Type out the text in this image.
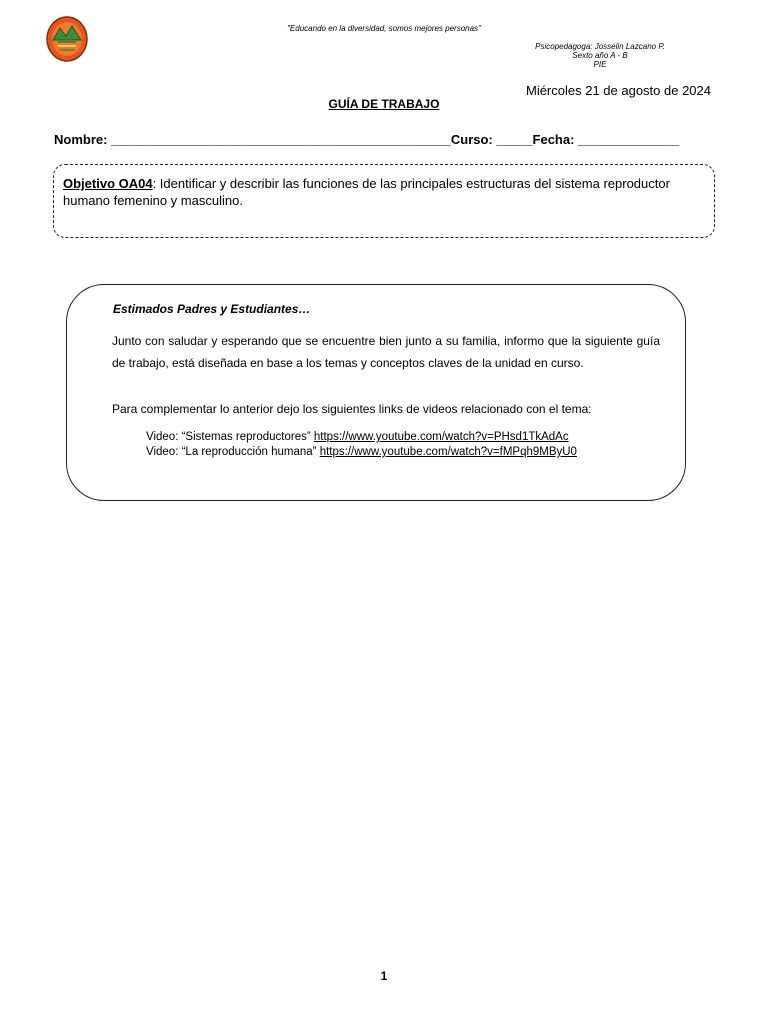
"Educando en la diversidad, somos mejores personas"
Psicopedagoga: Josselin Lazcano P.
Sexto año A - B
PIE
Miércoles 21 de agosto de 2024
GUÍA DE TRABAJO
Nombre: _______________________________________________Curso: _____Fecha: ______________
Objetivo OA04: Identificar y describir las funciones de las principales estructuras del sistema reproductor humano femenino y masculino.
Estimados Padres y Estudiantes…
Junto con saludar y esperando que se encuentre bien junto a su familia, informo que la siguiente guía de trabajo, está diseñada en base a los temas y conceptos claves de la unidad en curso.
Para complementar lo anterior dejo los siguientes links de videos relacionado con el tema:
Video: “Sistemas reproductores” https://www.youtube.com/watch?v=PHsd1TkAdAc
Video: “La reproducción humana” https://www.youtube.com/watch?v=fMPqh9MByU0
1
